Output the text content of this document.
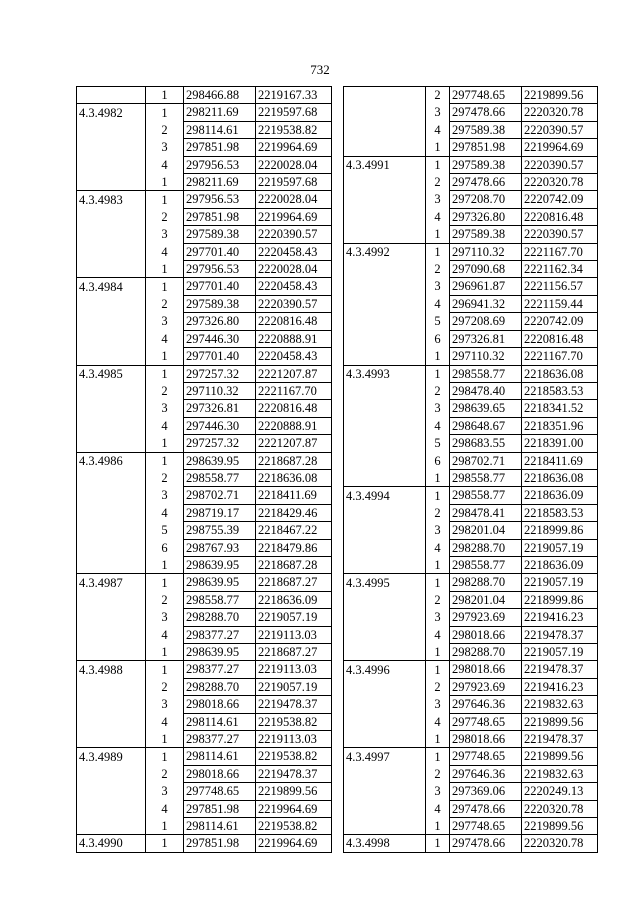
732
	1	298466.88	2219167.33
4.3.4982	1	298211.69	2219597.68
	2	298114.61	2219538.82
	3	297851.98	2219964.69
	4	297956.53	2220028.04
	1	298211.69	2219597.68
4.3.4983	1	297956.53	2220028.04
	2	297851.98	2219964.69
	3	297589.38	2220390.57
	4	297701.40	2220458.43
	1	297956.53	2220028.04
4.3.4984	1	297701.40	2220458.43
	2	297589.38	2220390.57
	3	297326.80	2220816.48
	4	297446.30	2220888.91
	1	297701.40	2220458.43
4.3.4985	1	297257.32	2221207.87
	2	297110.32	2221167.70
	3	297326.81	2220816.48
	4	297446.30	2220888.91
	1	297257.32	2221207.87
4.3.4986	1	298639.95	2218687.28
	2	298558.77	2218636.08
	3	298702.71	2218411.69
	4	298719.17	2218429.46
	5	298755.39	2218467.22
	6	298767.93	2218479.86
	1	298639.95	2218687.28
4.3.4987	1	298639.95	2218687.27
	2	298558.77	2218636.09
	3	298288.70	2219057.19
	4	298377.27	2219113.03
	1	298639.95	2218687.27
4.3.4988	1	298377.27	2219113.03
	2	298288.70	2219057.19
	3	298018.66	2219478.37
	4	298114.61	2219538.82
	1	298377.27	2219113.03
4.3.4989	1	298114.61	2219538.82
	2	298018.66	2219478.37
	3	297748.65	2219899.56
	4	297851.98	2219964.69
	1	298114.61	2219538.82
4.3.4990	1	297851.98	2219964.69
	2	297748.65	2219899.56
	3	297478.66	2220320.78
	4	297589.38	2220390.57
	1	297851.98	2219964.69
4.3.4991	1	297589.38	2220390.57
	2	297478.66	2220320.78
	3	297208.70	2220742.09
	4	297326.80	2220816.48
	1	297589.38	2220390.57
4.3.4992	1	297110.32	2221167.70
	2	297090.68	2221162.34
	3	296961.87	2221156.57
	4	296941.32	2221159.44
	5	297208.69	2220742.09
	6	297326.81	2220816.48
	1	297110.32	2221167.70
4.3.4993	1	298558.77	2218636.08
	2	298478.40	2218583.53
	3	298639.65	2218341.52
	4	298648.67	2218351.96
	5	298683.55	2218391.00
	6	298702.71	2218411.69
	1	298558.77	2218636.08
4.3.4994	1	298558.77	2218636.09
	2	298478.41	2218583.53
	3	298201.04	2218999.86
	4	298288.70	2219057.19
	1	298558.77	2218636.09
4.3.4995	1	298288.70	2219057.19
	2	298201.04	2218999.86
	3	297923.69	2219416.23
	4	298018.66	2219478.37
	1	298288.70	2219057.19
4.3.4996	1	298018.66	2219478.37
	2	297923.69	2219416.23
	3	297646.36	2219832.63
	4	297748.65	2219899.56
	1	298018.66	2219478.37
4.3.4997	1	297748.65	2219899.56
	2	297646.36	2219832.63
	3	297369.06	2220249.13
	4	297478.66	2220320.78
	1	297748.65	2219899.56
4.3.4998	1	297478.66	2220320.78
